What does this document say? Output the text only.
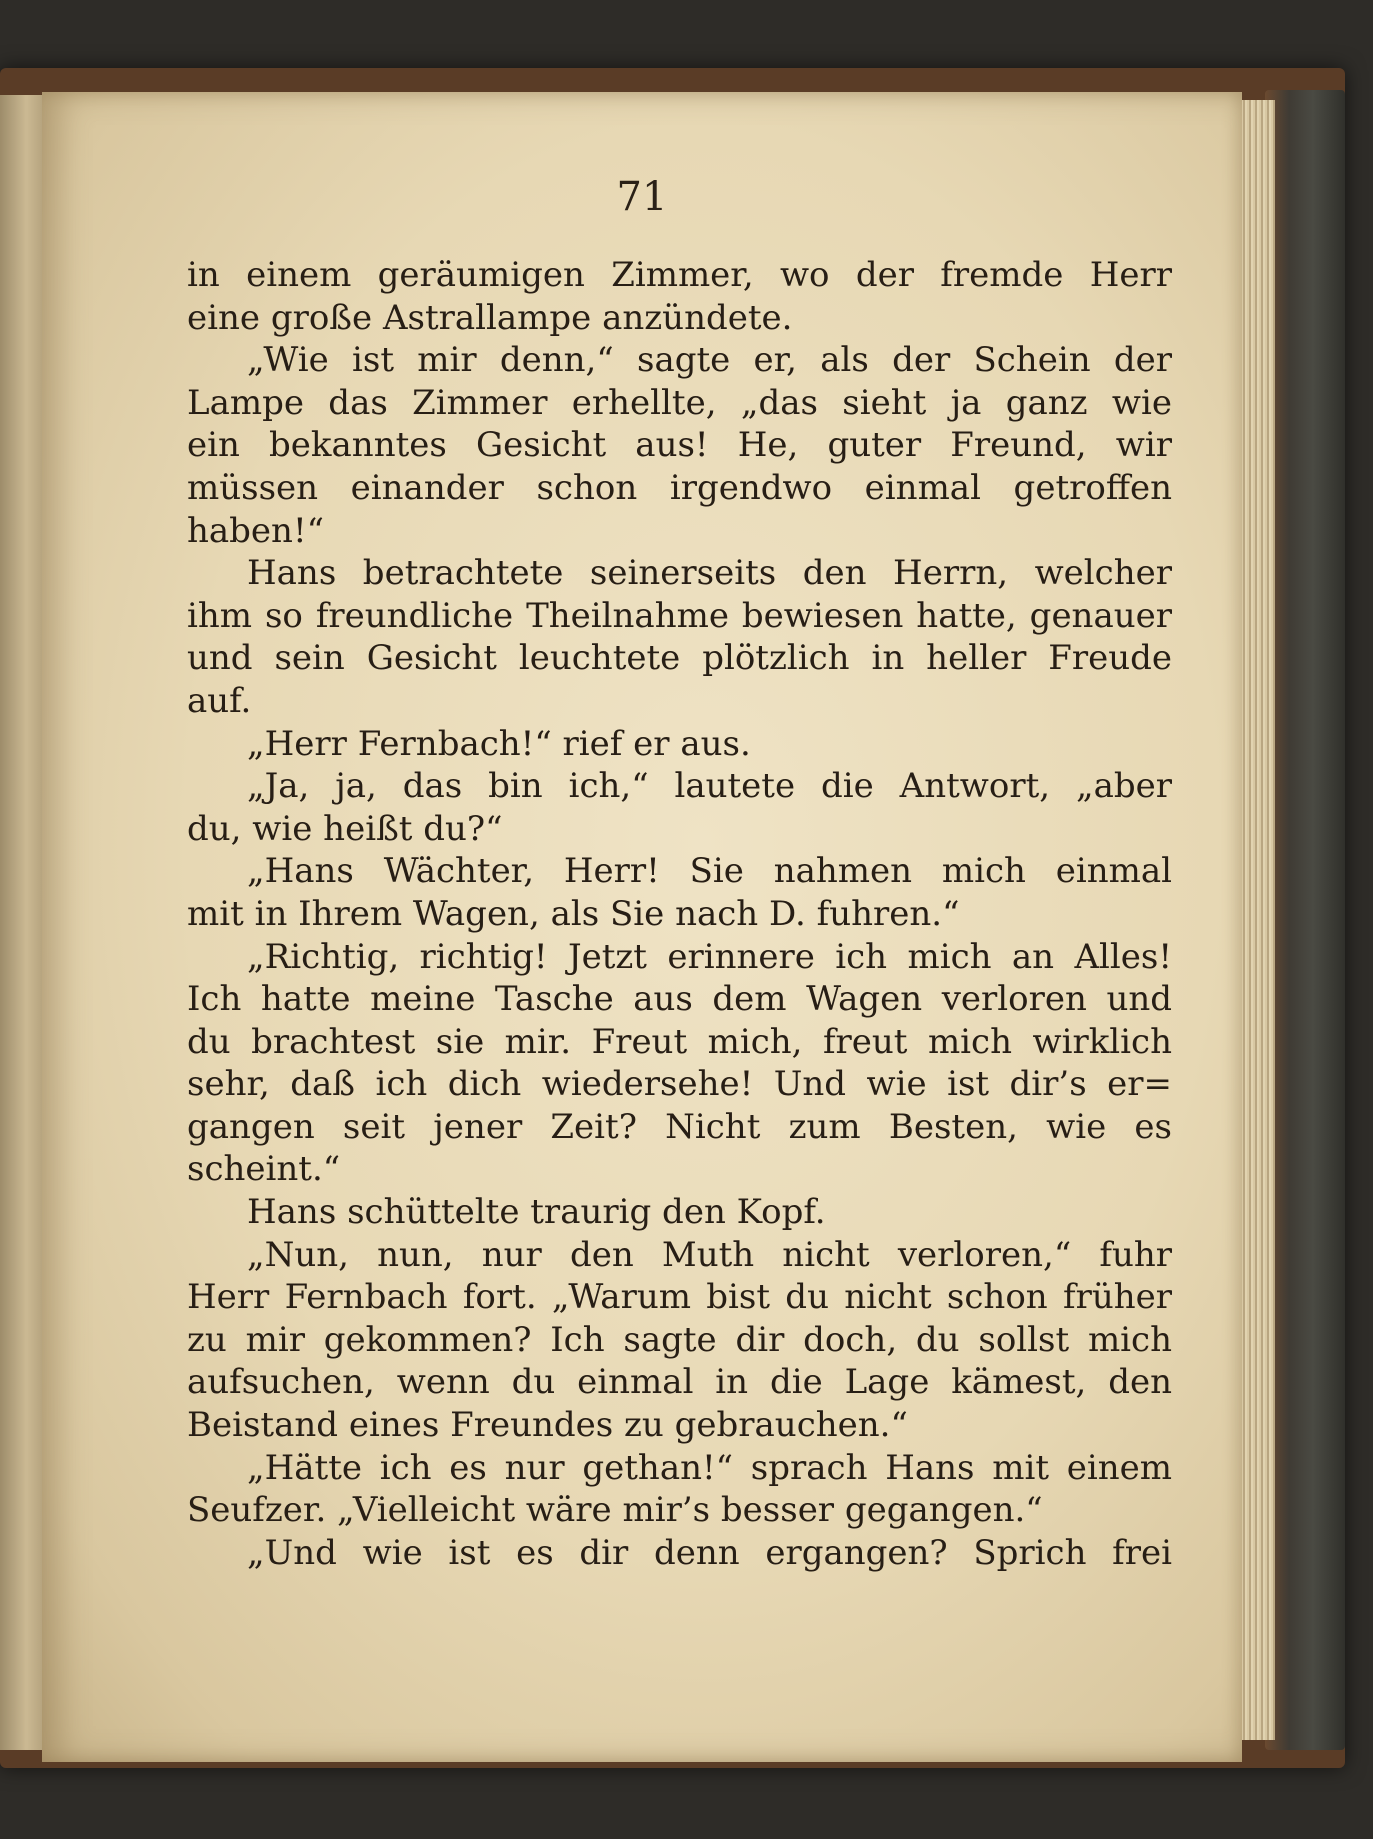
71
in einem geräumigen Zimmer, wo der fremde Herr
eine große Astrallampe anzündete.
„Wie ist mir denn,“ sagte er, als der Schein der
Lampe das Zimmer erhellte, „das sieht ja ganz wie
ein bekanntes Gesicht aus! He, guter Freund, wir
müssen einander schon irgendwo einmal getroffen
haben!“
Hans betrachtete seinerseits den Herrn, welcher
ihm so freundliche Theilnahme bewiesen hatte, genauer
und sein Gesicht leuchtete plötzlich in heller Freude
auf.
„Herr Fernbach!“ rief er aus.
„Ja, ja, das bin ich,“ lautete die Antwort, „aber
du, wie heißt du?“
„Hans Wächter, Herr! Sie nahmen mich einmal
mit in Ihrem Wagen, als Sie nach D. fuhren.“
„Richtig, richtig! Jetzt erinnere ich mich an Alles!
Ich hatte meine Tasche aus dem Wagen verloren und
du brachtest sie mir. Freut mich, freut mich wirklich
sehr, daß ich dich wiedersehe! Und wie ist dir’s er=
gangen seit jener Zeit? Nicht zum Besten, wie es
scheint.“
Hans schüttelte traurig den Kopf.
„Nun, nun, nur den Muth nicht verloren,“ fuhr
Herr Fernbach fort. „Warum bist du nicht schon früher
zu mir gekommen? Ich sagte dir doch, du sollst mich
aufsuchen, wenn du einmal in die Lage kämest, den
Beistand eines Freundes zu gebrauchen.“
„Hätte ich es nur gethan!“ sprach Hans mit einem
Seufzer. „Vielleicht wäre mir’s besser gegangen.“
„Und wie ist es dir denn ergangen? Sprich frei
